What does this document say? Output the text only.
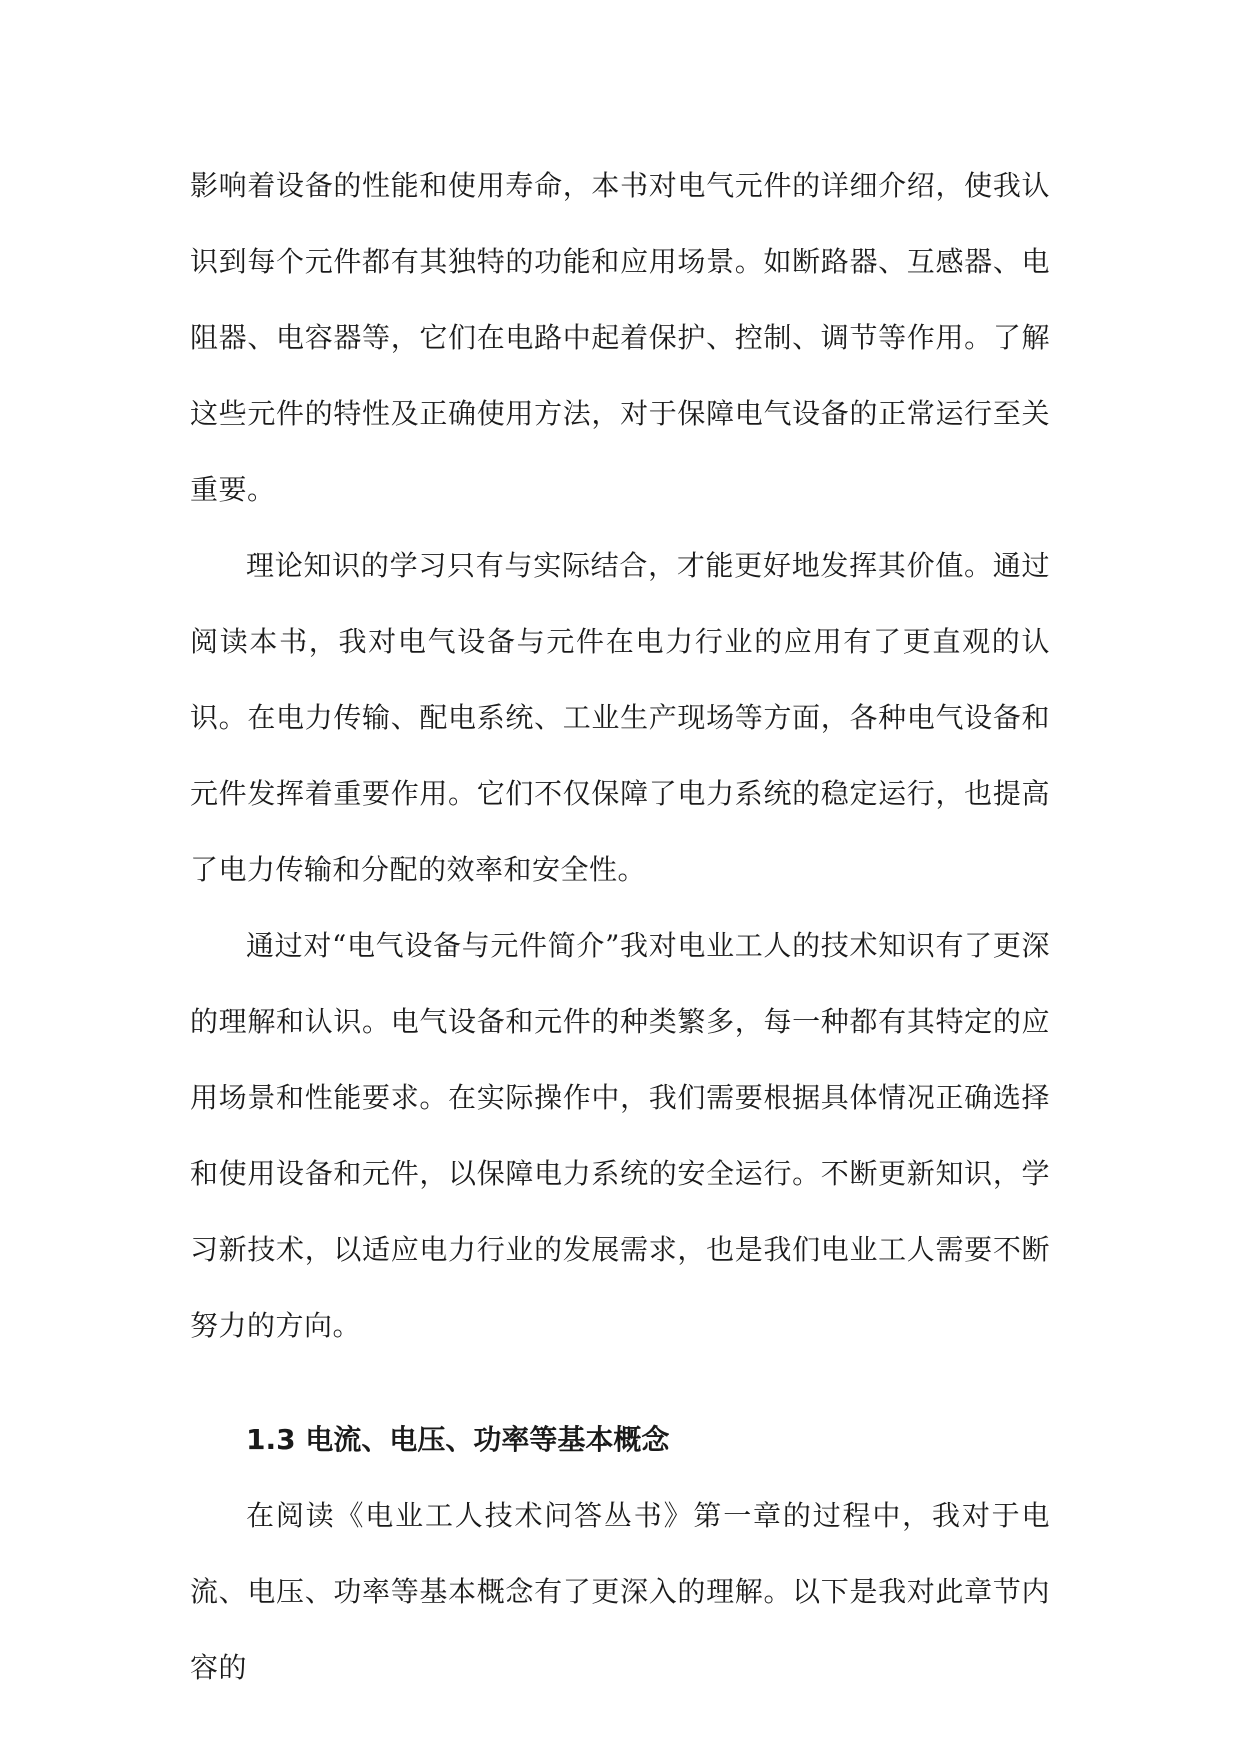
影响着设备的性能和使用寿命，本书对电气元件的详细介绍，使我认识到每个元件都有其独特的功能和应用场景。如断路器、互感器、电阻器、电容器等，它们在电路中起着保护、控制、调节等作用。了解这些元件的特性及正确使用方法，对于保障电气设备的正常运行至关重要。

理论知识的学习只有与实际结合，才能更好地发挥其价值。通过阅读本书，我对电气设备与元件在电力行业的应用有了更直观的认识。在电力传输、配电系统、工业生产现场等方面，各种电气设备和元件发挥着重要作用。它们不仅保障了电力系统的稳定运行，也提高了电力传输和分配的效率和安全性。

通过对“电气设备与元件简介”我对电业工人的技术知识有了更深的理解和认识。电气设备和元件的种类繁多，每一种都有其特定的应用场景和性能要求。在实际操作中，我们需要根据具体情况正确选择和使用设备和元件，以保障电力系统的安全运行。不断更新知识，学习新技术，以适应电力行业的发展需求，也是我们电业工人需要不断努力的方向。

1.3 电流、电压、功率等基本概念

在阅读《电业工人技术问答丛书》第一章的过程中，我对于电流、电压、功率等基本概念有了更深入的理解。以下是我对此章节内容的
